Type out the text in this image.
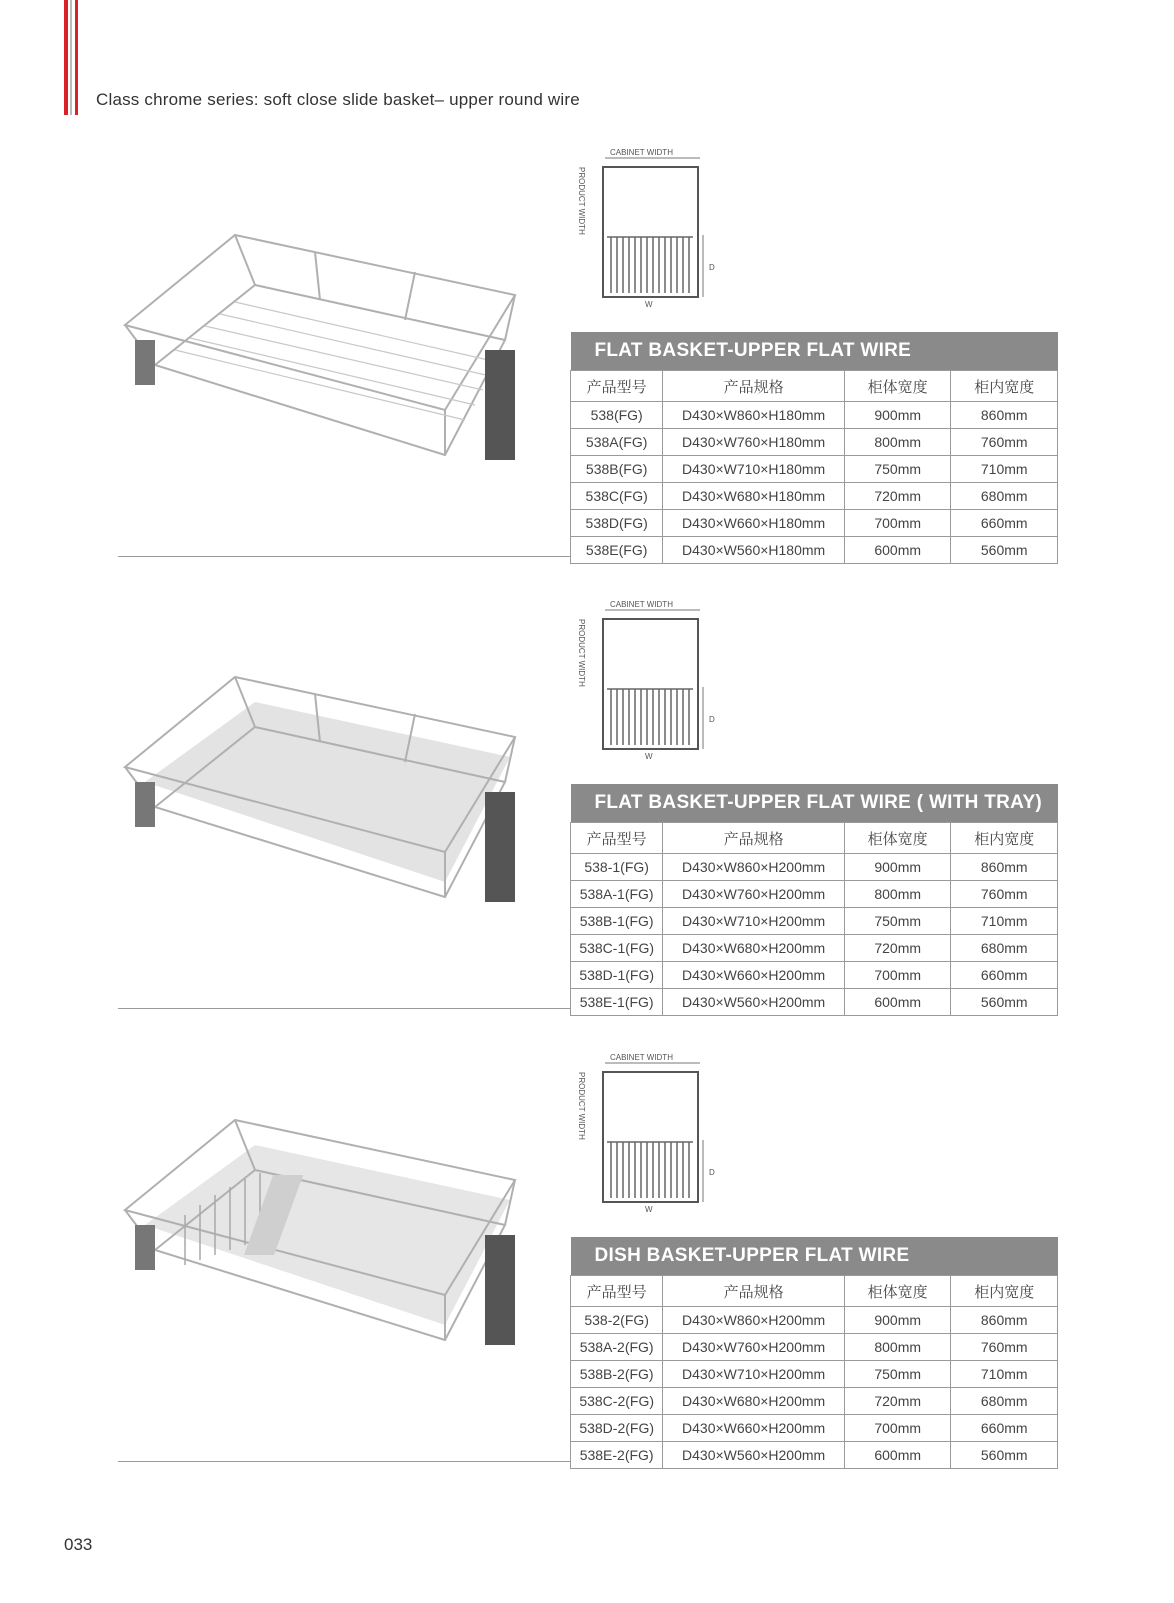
Class chrome series: soft close slide basket– upper round wire
CABINET WIDTH
PRODUCT WIDTH
D
W
FLAT BASKET-UPPER FLAT WIRE			
产品型号	产品规格	柜体宽度	柜内宽度
538(FG)	D430×W860×H180mm	900mm	860mm
538A(FG)	D430×W760×H180mm	800mm	760mm
538B(FG)	D430×W710×H180mm	750mm	710mm
538C(FG)	D430×W680×H180mm	720mm	680mm
538D(FG)	D430×W660×H180mm	700mm	660mm
538E(FG)	D430×W560×H180mm	600mm	560mm
CABINET WIDTH
PRODUCT WIDTH
D
W
FLAT BASKET-UPPER FLAT WIRE ( WITH TRAY)			
产品型号	产品规格	柜体宽度	柜内宽度
538-1(FG)	D430×W860×H200mm	900mm	860mm
538A-1(FG)	D430×W760×H200mm	800mm	760mm
538B-1(FG)	D430×W710×H200mm	750mm	710mm
538C-1(FG)	D430×W680×H200mm	720mm	680mm
538D-1(FG)	D430×W660×H200mm	700mm	660mm
538E-1(FG)	D430×W560×H200mm	600mm	560mm
CABINET WIDTH
PRODUCT WIDTH
D
W
DISH BASKET-UPPER FLAT WIRE			
产品型号	产品规格	柜体宽度	柜内宽度
538-2(FG)	D430×W860×H200mm	900mm	860mm
538A-2(FG)	D430×W760×H200mm	800mm	760mm
538B-2(FG)	D430×W710×H200mm	750mm	710mm
538C-2(FG)	D430×W680×H200mm	720mm	680mm
538D-2(FG)	D430×W660×H200mm	700mm	660mm
538E-2(FG)	D430×W560×H200mm	600mm	560mm
033
